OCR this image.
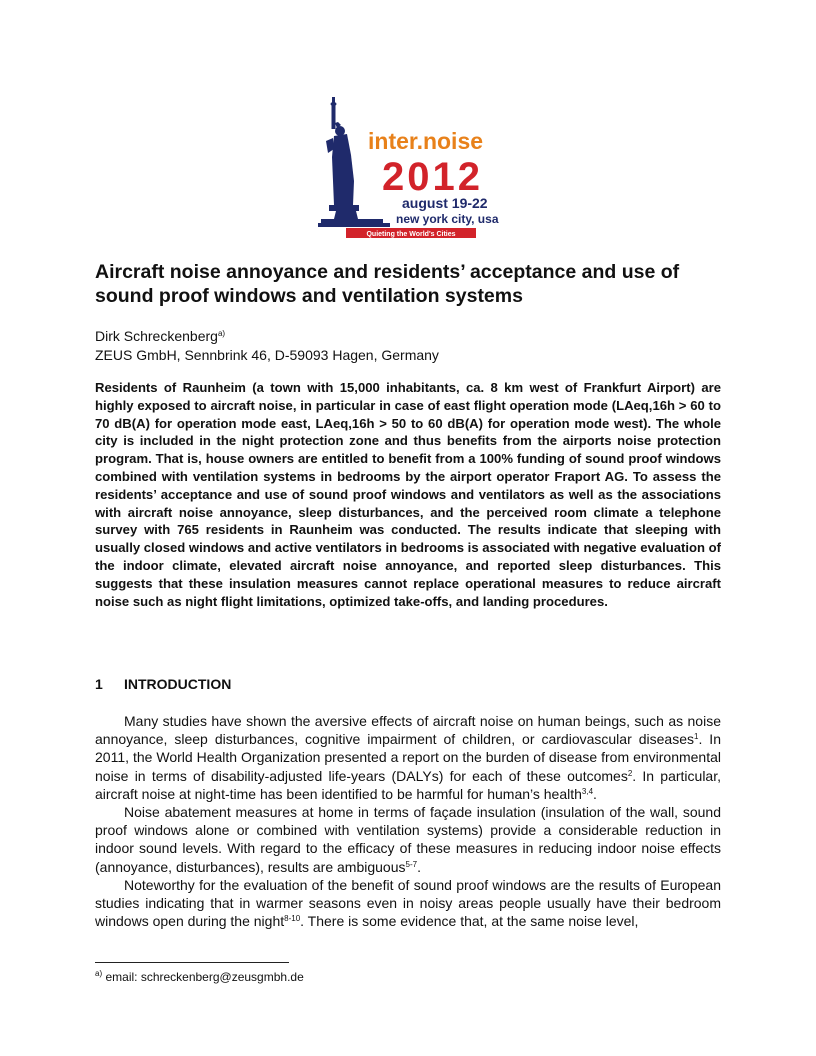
inter.noise
2012
august 19-22
new york city, usa
Quieting the World's Cities
Aircraft noise annoyance and residents’ acceptance and use of sound proof windows and ventilation systems
Dirk Schreckenberg$^{a)}$
ZEUS GmbH, Sennbrink 46, D-59093 Hagen, Germany

Residents of Raunheim (a town with 15,000 inhabitants, ca. 8 km west of Frankfurt Airport) are highly exposed to aircraft noise, in particular in case of east flight operation mode (LAeq,16h > 60 to 70 dB(A) for operation mode east, LAeq,16h > 50 to 60 dB(A) for operation mode west). The whole city is included in the night protection zone and thus benefits from the airports noise protection program. That is, house owners are entitled to benefit from a 100% funding of sound proof windows combined with ventilation systems in bedrooms by the airport operator Fraport AG. To assess the residents’ acceptance and use of sound proof windows and ventilators as well as the associations with aircraft noise annoyance, sleep disturbances, and the perceived room climate a telephone survey with 765 residents in Raunheim was conducted. The results indicate that sleeping with usually closed windows and active ventilators in bedrooms is associated with negative evaluation of the indoor climate, elevated aircraft noise annoyance, and reported sleep disturbances. This suggests that these insulation measures cannot replace operational measures to reduce aircraft noise such as night flight limitations, optimized take-offs, and landing procedures.

1 INTRODUCTION

Many studies have shown the aversive effects of aircraft noise on human beings, such as noise annoyance, sleep disturbances, cognitive impairment of children, or cardiovascular diseases$^1$. In 2011, the World Health Organization presented a report on the burden of disease from environmental noise in terms of disability-adjusted life-years (DALYs) for each of these outcomes$^2$. In particular, aircraft noise at night-time has been identified to be harmful for human’s health$^{3,4}$.

Noise abatement measures at home in terms of façade insulation (insulation of the wall, sound proof windows alone or combined with ventilation systems) provide a considerable reduction in indoor sound levels. With regard to the efficacy of these measures in reducing indoor noise effects (annoyance, disturbances), results are ambiguous$^{5-7}$.

Noteworthy for the evaluation of the benefit of sound proof windows are the results of European studies indicating that in warmer seasons even in noisy areas people usually have their bedroom windows open during the night$^{8-10}$. There is some evidence that, at the same noise level,

$^{a)}$ email: schreckenberg@zeusgmbh.de
